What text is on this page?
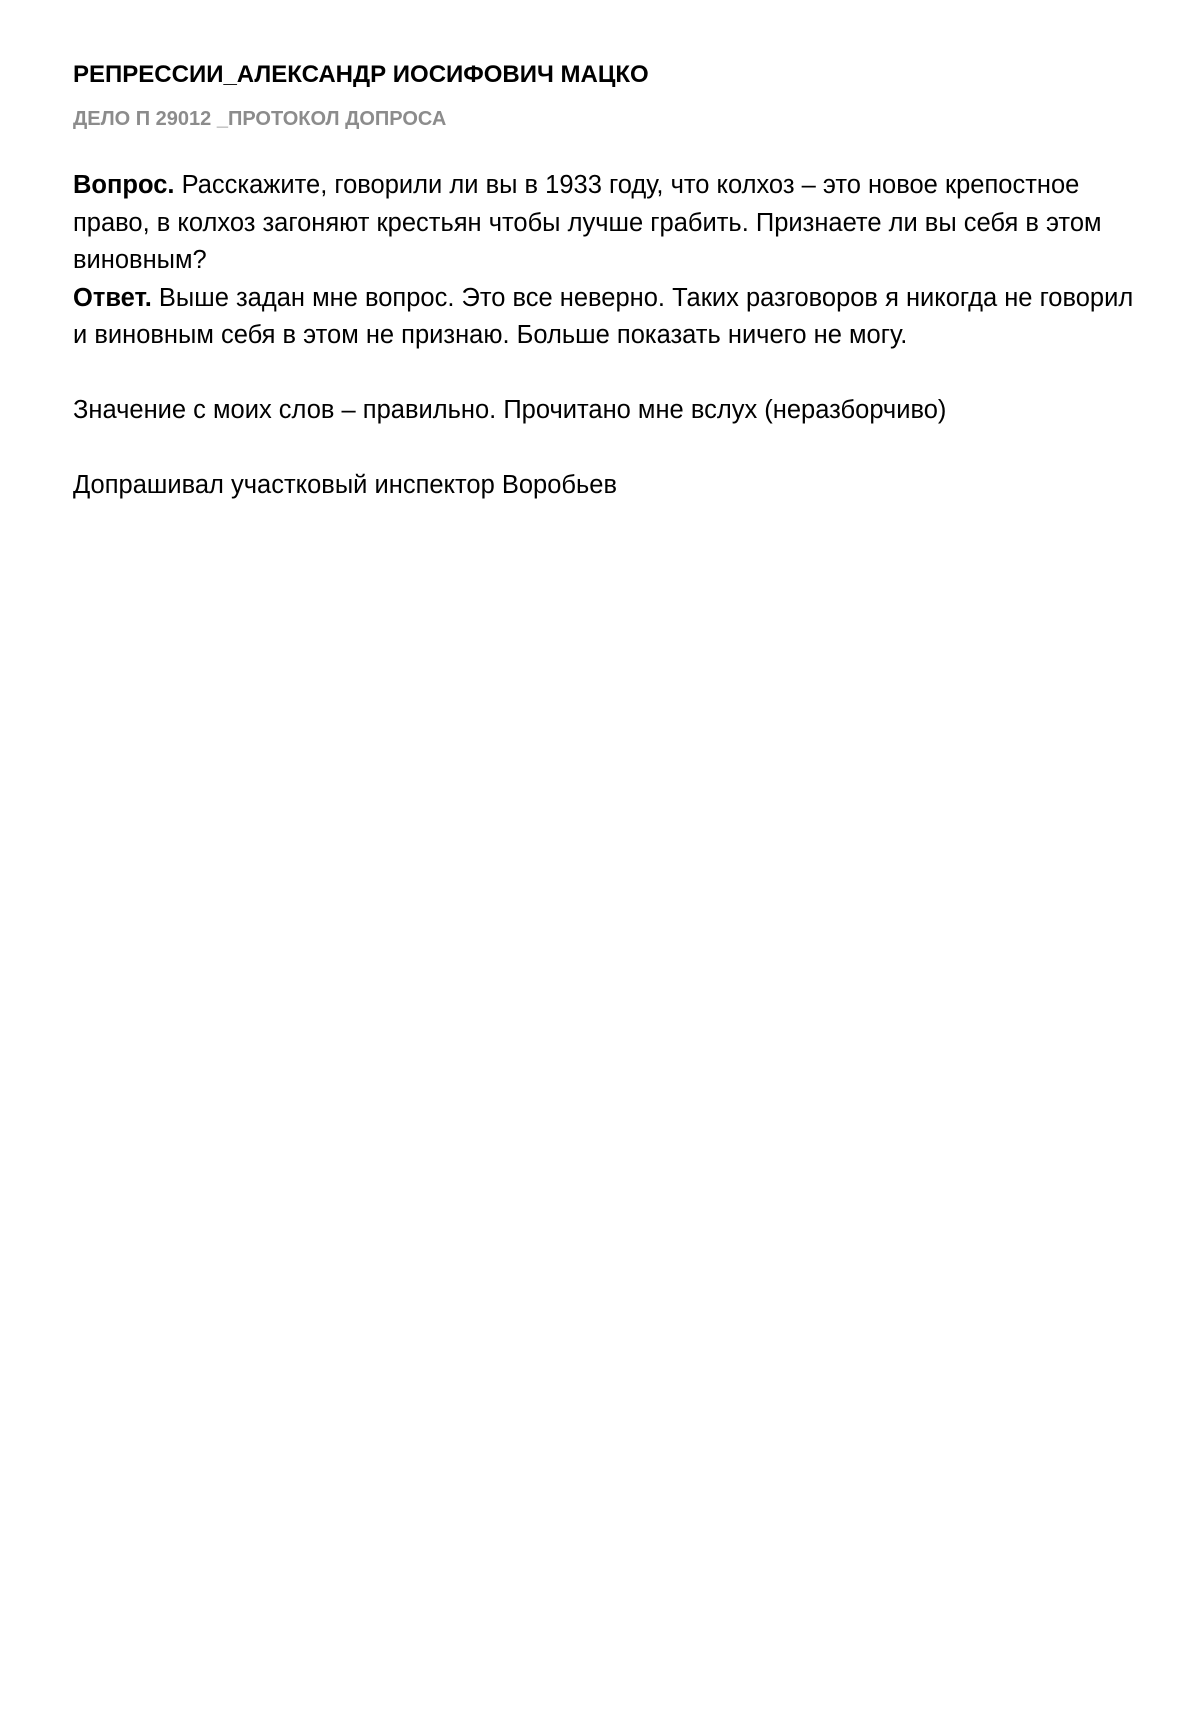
РЕПРЕССИИ_АЛЕКСАНДР ИОСИФОВИЧ МАЦКО
ДЕЛО П 29012 _ПРОТОКОЛ ДОПРОСА

Вопрос. Расскажите, говорили ли вы в 1933 году, что колхоз – это новое крепостное право, в колхоз загоняют крестьян чтобы лучше грабить. Признаете ли вы себя в этом виновным?

Ответ. Выше задан мне вопрос. Это все неверно. Таких разговоров я никогда не говорил и виновным себя в этом не признаю. Больше показать ничего не могу.

Значение с моих слов – правильно. Прочитано мне вслух (неразборчиво)

Допрашивал участковый инспектор Воробьев
